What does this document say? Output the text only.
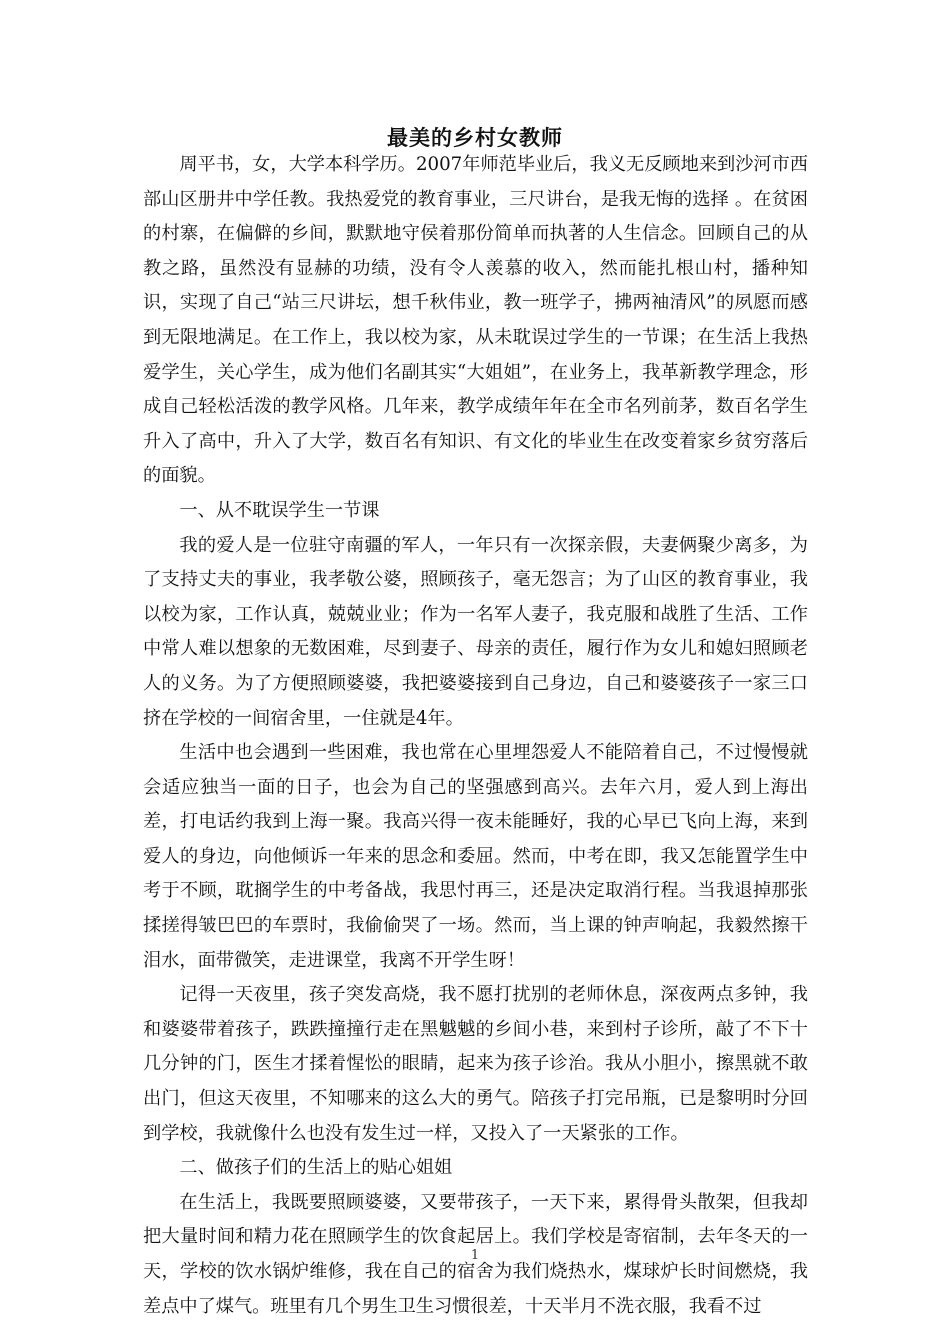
最美的乡村女教师

周平书，女，大学本科学历。2007年师范毕业后，我义无反顾地来到沙河市西部山区册井中学任教。我热爱党的教育事业，三尺讲台，是我无悔的选择 。在贫困的村寨，在偏僻的乡间，默默地守侯着那份简单而执著的人生信念。回顾自己的从教之路，虽然没有显赫的功绩，没有令人羡慕的收入，然而能扎根山村，播种知识，实现了自己“站三尺讲坛，想千秋伟业，教一班学子，拂两袖清风”的夙愿而感到无限地满足。在工作上，我以校为家，从未耽误过学生的一节课；在生活上我热爱学生，关心学生，成为他们名副其实“大姐姐”，在业务上，我革新教学理念，形成自己轻松活泼的教学风格。几年来，教学成绩年年在全市名列前茅，数百名学生升入了高中，升入了大学，数百名有知识、有文化的毕业生在改变着家乡贫穷落后的面貌。

一、从不耽误学生一节课

我的爱人是一位驻守南疆的军人，一年只有一次探亲假，夫妻俩聚少离多，为了支持丈夫的事业，我孝敬公婆，照顾孩子，毫无怨言；为了山区的教育事业，我以校为家，工作认真，兢兢业业；作为一名军人妻子，我克服和战胜了生活、工作中常人难以想象的无数困难，尽到妻子、母亲的责任，履行作为女儿和媳妇照顾老人的义务。为了方便照顾婆婆，我把婆婆接到自己身边，自己和婆婆孩子一家三口挤在学校的一间宿舍里，一住就是4年。

生活中也会遇到一些困难，我也常在心里埋怨爱人不能陪着自己，不过慢慢就会适应独当一面的日子，也会为自己的坚强感到高兴。去年六月，爱人到上海出差，打电话约我到上海一聚。我高兴得一夜未能睡好，我的心早已飞向上海，来到爱人的身边，向他倾诉一年来的思念和委屈。然而，中考在即，我又怎能置学生中考于不顾，耽搁学生的中考备战，我思忖再三，还是决定取消行程。当我退掉那张揉搓得皱巴巴的车票时，我偷偷哭了一场。然而，当上课的钟声响起，我毅然擦干泪水，面带微笑，走进课堂，我离不开学生呀！

记得一天夜里，孩子突发高烧，我不愿打扰别的老师休息，深夜两点多钟，我和婆婆带着孩子，跌跌撞撞行走在黑魆魆的乡间小巷，来到村子诊所，敲了不下十几分钟的门，医生才揉着惺忪的眼睛，起来为孩子诊治。我从小胆小，擦黑就不敢出门，但这天夜里，不知哪来的这么大的勇气。陪孩子打完吊瓶，已是黎明时分回到学校，我就像什么也没有发生过一样，又投入了一天紧张的工作。

二、做孩子们的生活上的贴心姐姐

在生活上，我既要照顾婆婆，又要带孩子，一天下来，累得骨头散架，但我却把大量时间和精力花在照顾学生的饮食起居上。我们学校是寄宿制，去年冬天的一天，学校的饮水锅炉维修，我在自己的宿舍为我们烧热水，煤球炉长时间燃烧，我差点中了煤气。班里有几个男生卫生习惯很差，十天半月不洗衣服，我看不过

1
